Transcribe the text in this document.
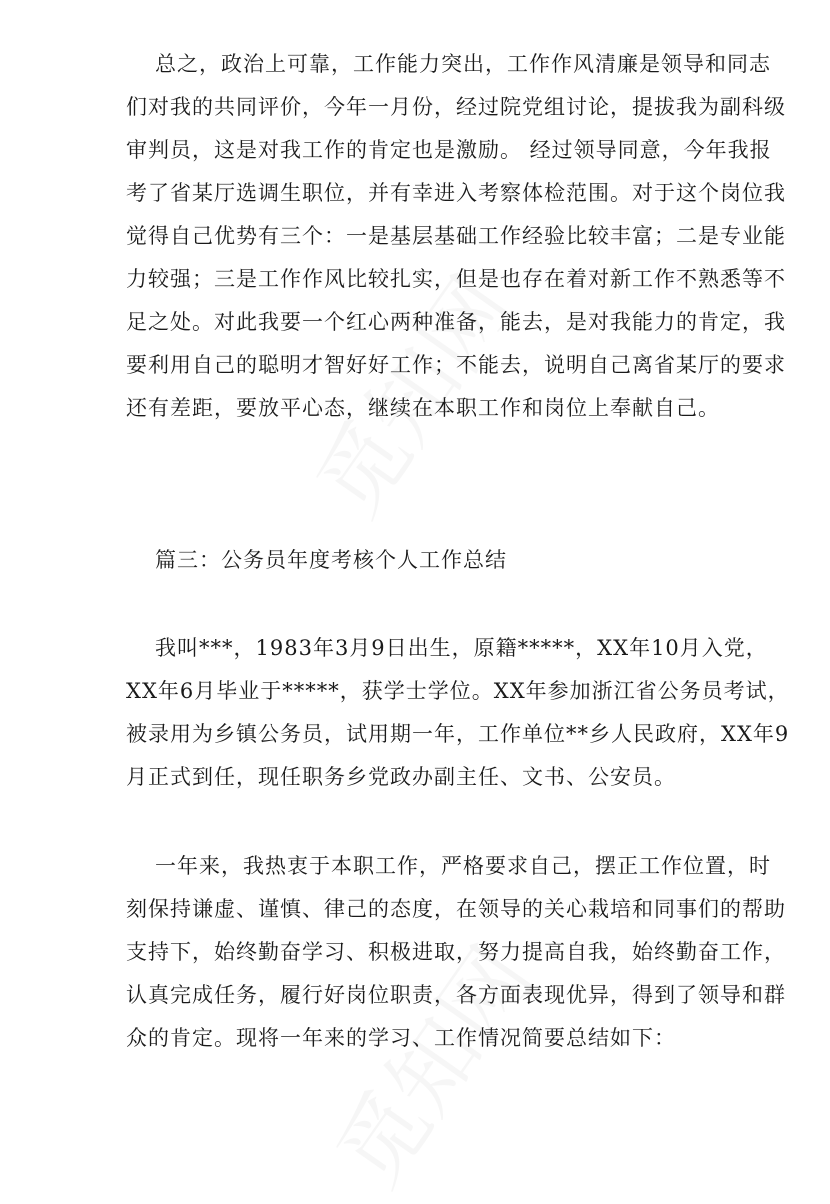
总之，政治上可靠，工作能力突出，工作作风清廉是领导和同志
们对我的共同评价，今年一月份，经过院党组讨论，提拔我为副科级
审判员，这是对我工作的肯定也是激励。 经过领导同意，今年我报
考了省某厅选调生职位，并有幸进入考察体检范围。对于这个岗位我
觉得自己优势有三个：一是基层基础工作经验比较丰富；二是专业能
力较强；三是工作作风比较扎实，但是也存在着对新工作不熟悉等不
足之处。对此我要一个红心两种准备，能去，是对我能力的肯定，我
要利用自己的聪明才智好好工作；不能去，说明自己离省某厅的要求
还有差距，要放平心态，继续在本职工作和岗位上奉献自己。
篇三：公务员年度考核个人工作总结
我叫***，1983年3月9日出生，原籍*****，XX年10月入党，
XX年6月毕业于*****，获学士学位。XX年参加浙江省公务员考试，
被录用为乡镇公务员，试用期一年，工作单位**乡人民政府，XX年9
月正式到任，现任职务乡党政办副主任、文书、公安员。
一年来，我热衷于本职工作，严格要求自己，摆正工作位置，时
刻保持谦虚、谨慎、律己的态度，在领导的关心栽培和同事们的帮助
支持下，始终勤奋学习、积极进取，努力提高自我，始终勤奋工作，
认真完成任务，履行好岗位职责，各方面表现优异，得到了领导和群
众的肯定。现将一年来的学习、工作情况简要总结如下：
